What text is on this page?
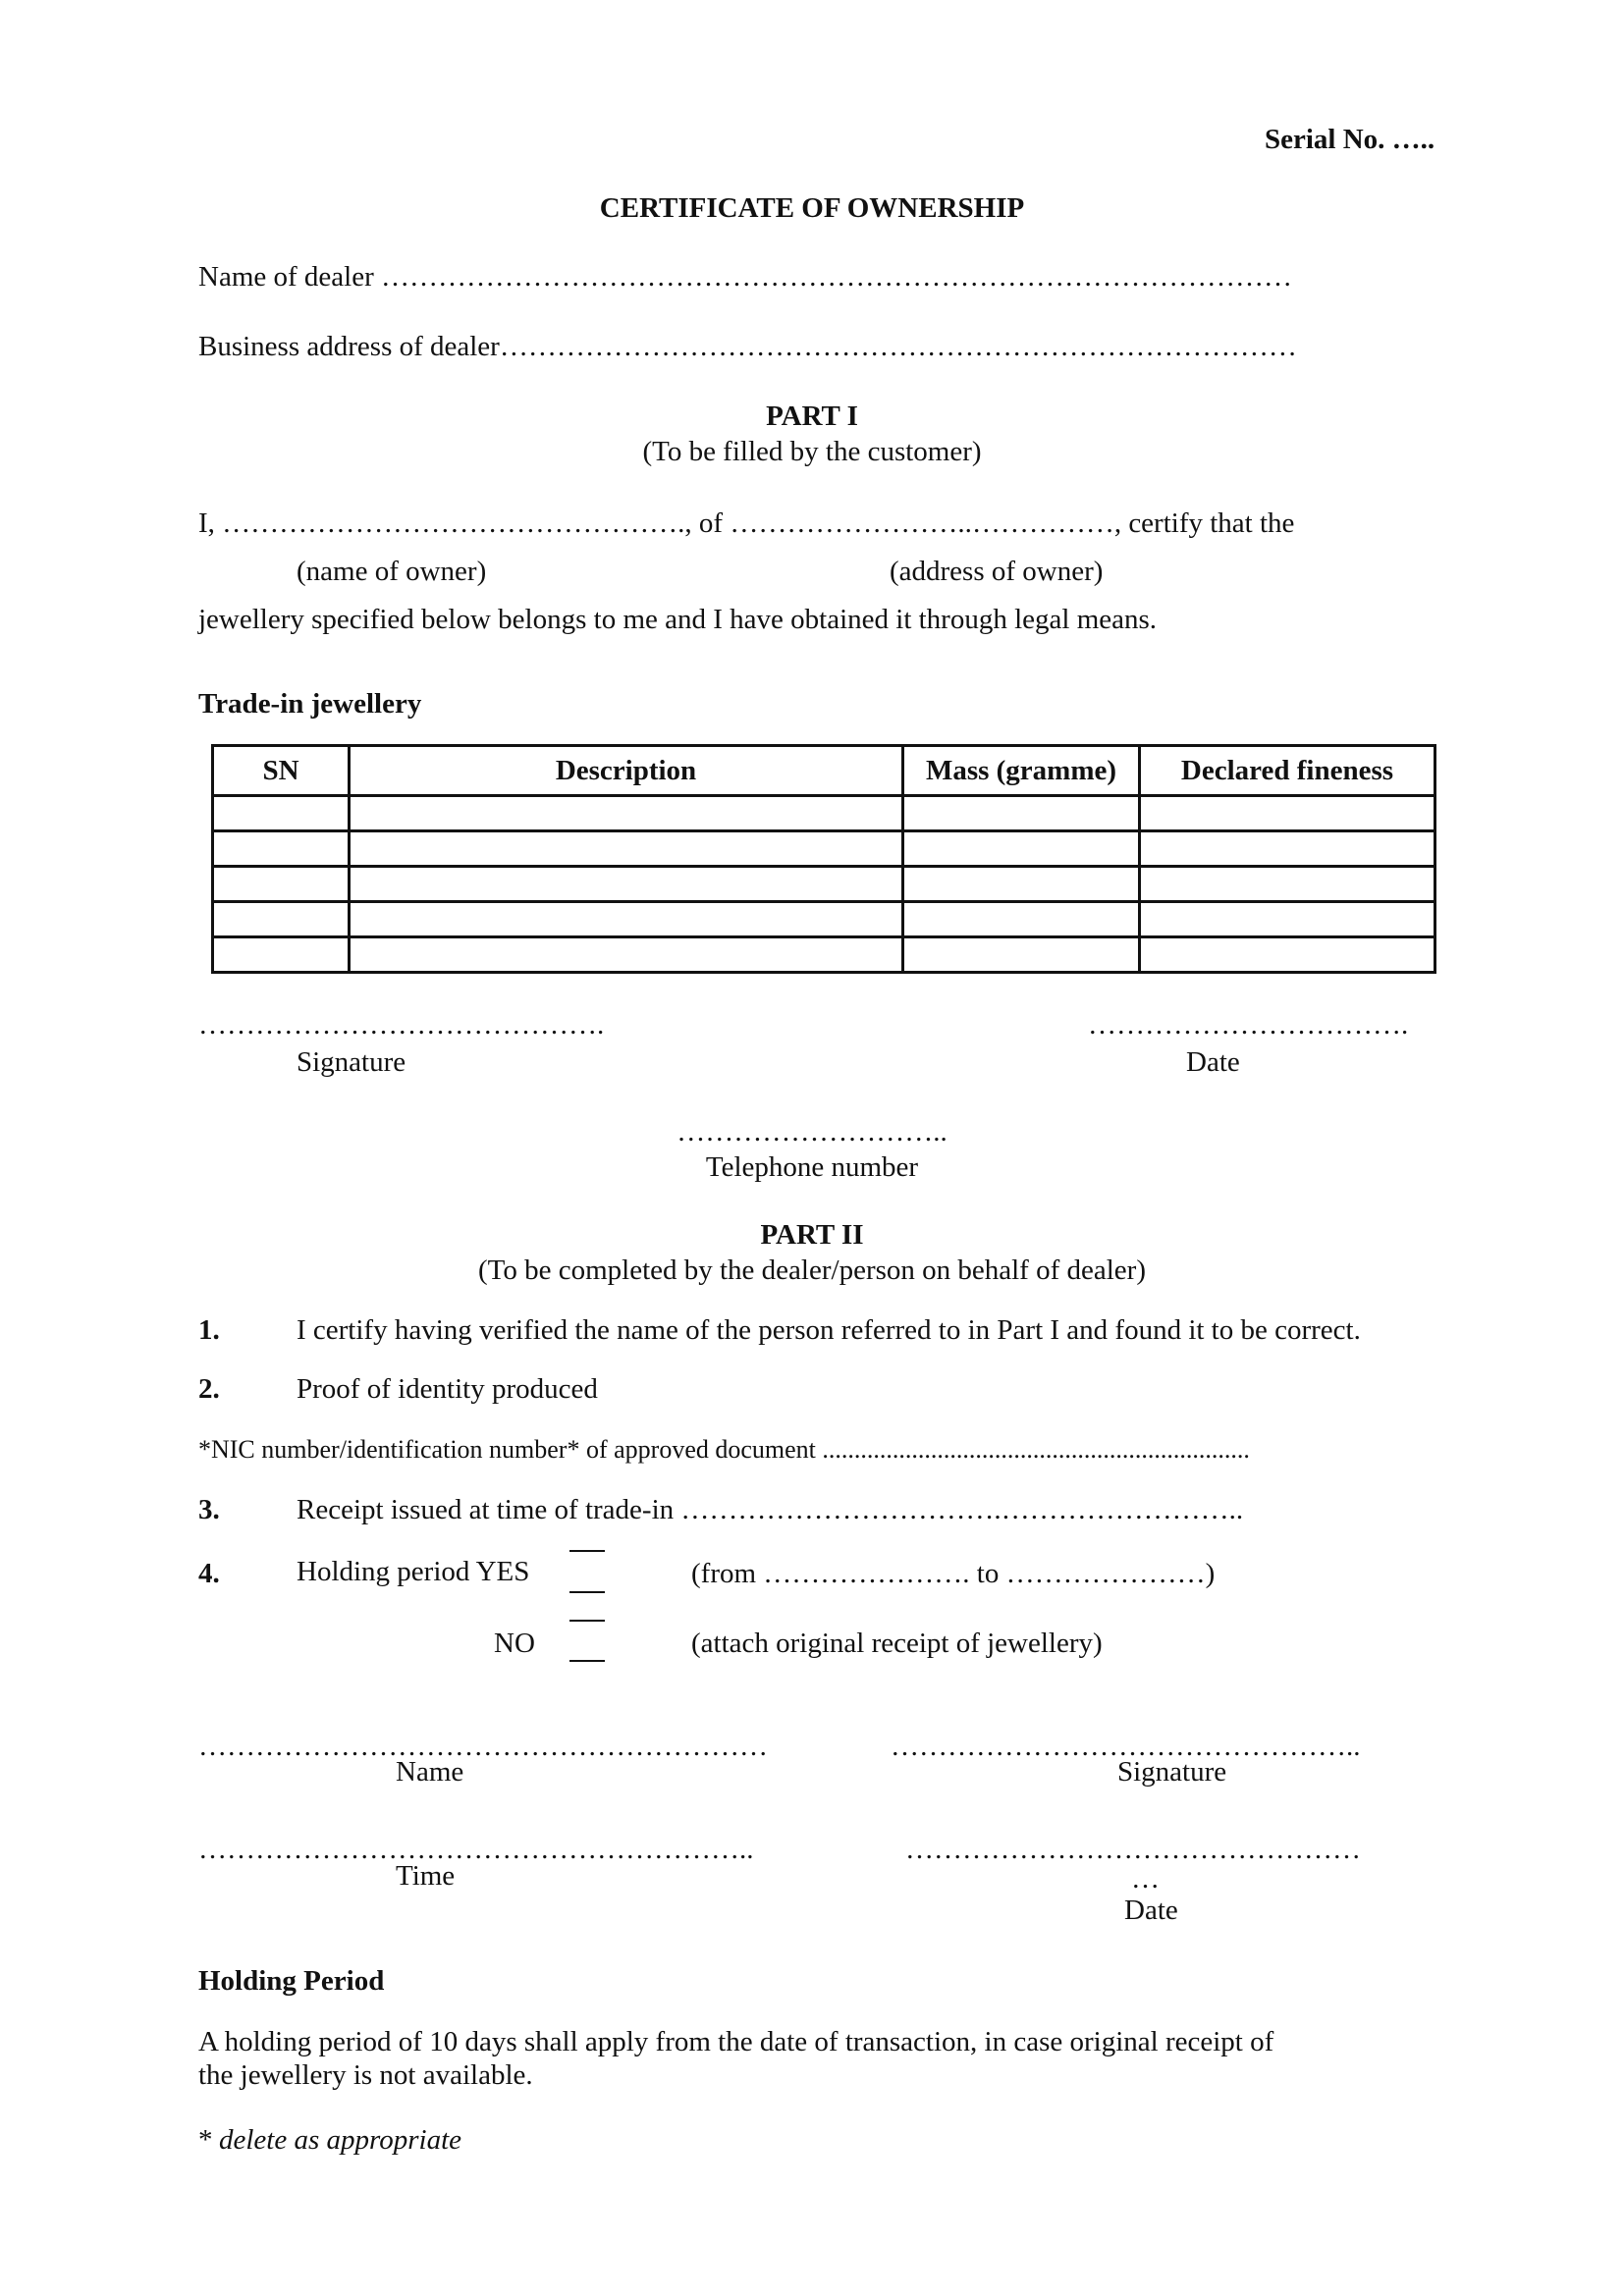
Serial No. …..
CERTIFICATE OF OWNERSHIP
Name of dealer ……………………………………………………………………………………
Business address of dealer…………………………………………………………………………
PART I
(To be filled by the customer)
I, …………………………………………., of ……………………..……………, certify that the
(name of owner)	(address of owner)
jewellery specified below belongs to me and I have obtained it through legal means.
Trade-in jewellery
SN	Description	Mass (gramme)	Declared fineness

…………………………………….
Signature
…………………………….
Date
………………………..
Telephone number
PART II
(To be completed by the dealer/person on behalf of dealer)
1.	I certify having verified the name of the person referred to in Part I and found it to be correct.
2.	Proof of identity produced
*NIC number/identification number* of approved document ...................................................................
3.	Receipt issued at time of trade-in …………………………….……………………..
4.	Holding period YES	(from …………………. to …………………)
NO	(attach original receipt of jewellery)
……………………………………………………
Name
…………………………………………..
Signature
…………………………………………………..
Time
…………………………………………
…
Date
Holding Period
A holding period of 10 days shall apply from the date of transaction, in case original receipt of
the jewellery is not available.
* delete as appropriate
